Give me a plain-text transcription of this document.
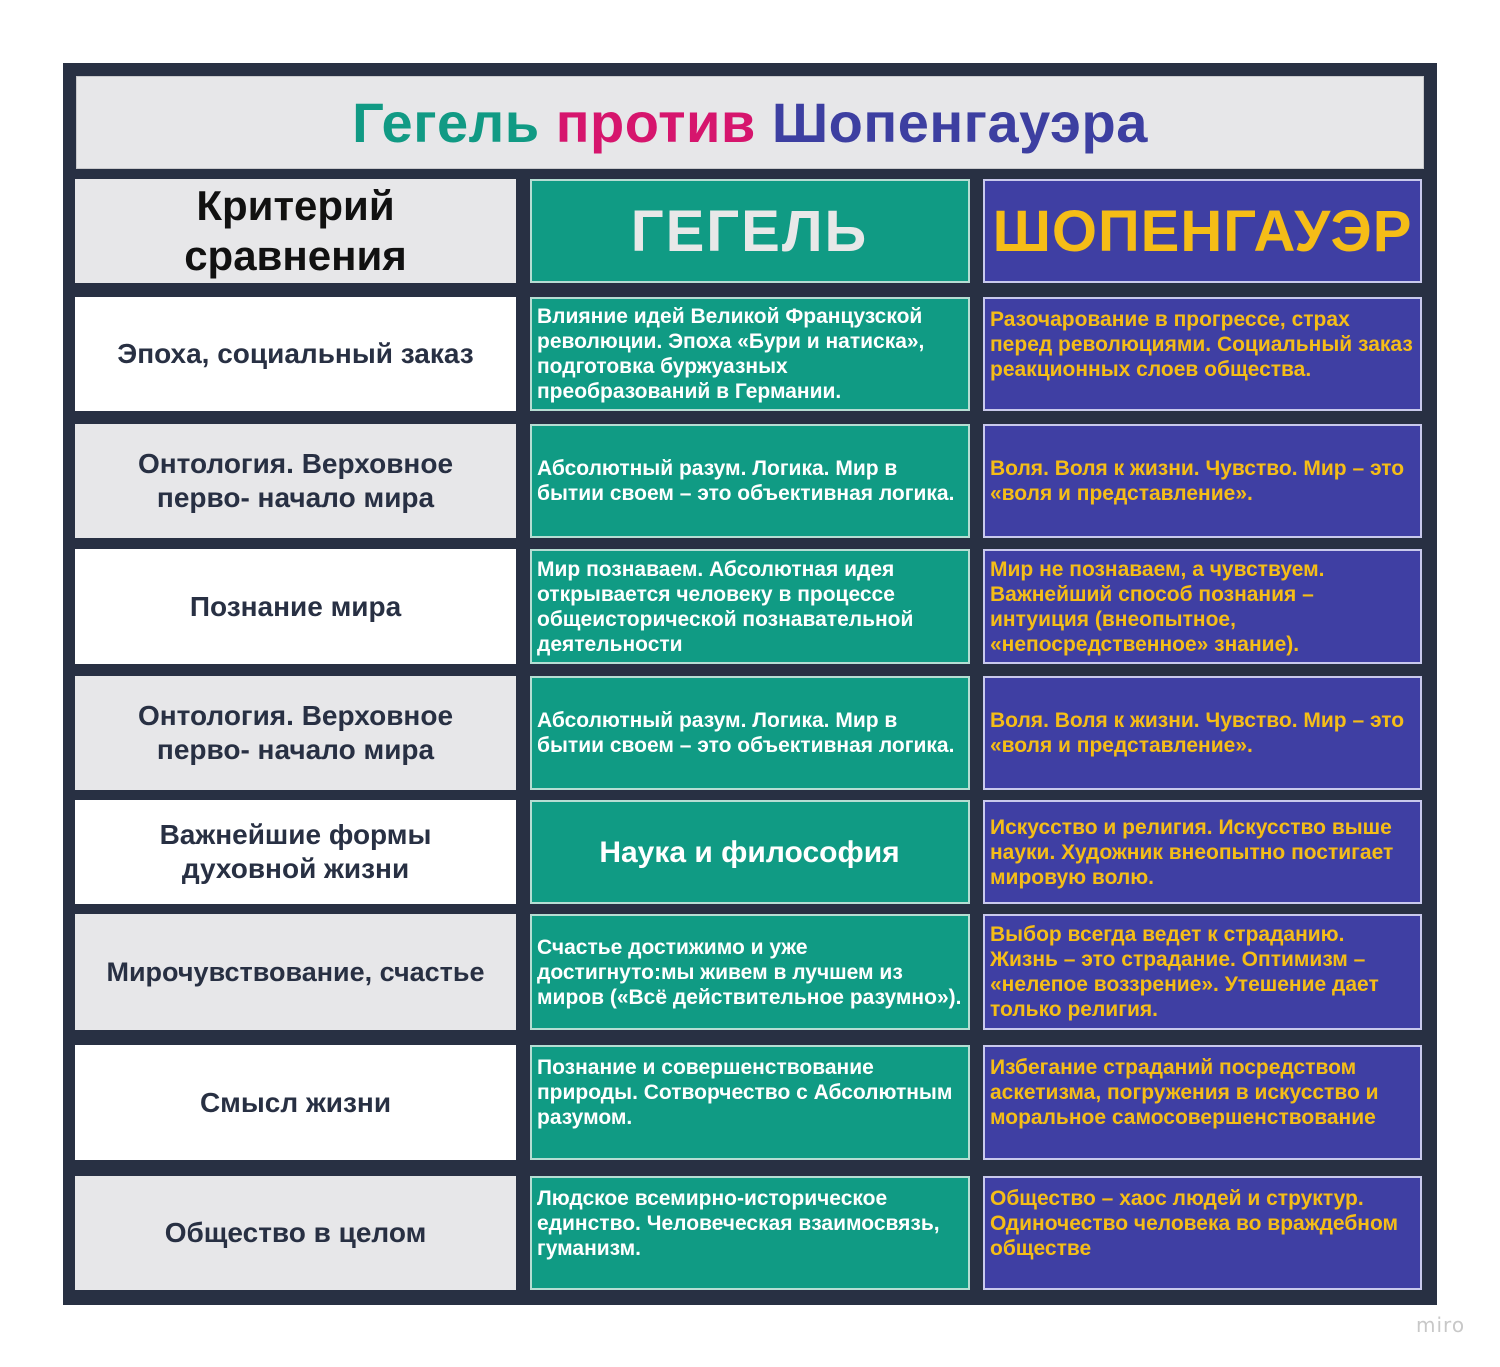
Гегель
против
Шопенгауэра
Критерий сравнения	ГЕГЕЛЬ ШОПЕНГАУЭР
Эпоха, социальный заказ
Влияние идей Великой Французской революции. Эпоха «Бури и натиска», подготовка буржуазных преобразований в Германии.
Разочарование в прогрессе, страх перед революциями. Социальный заказ реакционных слоев общества.
Онтология. Верховное перво- начало мира
Абсолютный разум. Логика. Мир в бытии своем – это объективная логика.
Воля. Воля к жизни. Чувство. Мир – это «воля и представление».
Познание мира
Мир познаваем. Абсолютная идея открывается человеку в процессе общеисторической познавательной деятельности
Мир не познаваем, а чувствуем. Важнейший способ познания – интуиция (внеопытное, «непосредственное» знание).
Онтология. Верховное перво- начало мира
Абсолютный разум. Логика. Мир в бытии своем – это объективная логика.
Воля. Воля к жизни. Чувство. Мир – это «воля и представление».
Важнейшие формы духовной жизни	Наука и философия
Искусство и религия. Искусство выше науки. Художник внеопытно постигает мировую волю.
Мирочувствование, счастье
Счастье достижимо и уже достигнуто:мы живем в лучшем из миров («Всё действительное разумно»).
Выбор всегда ведет к страданию. Жизнь – это страдание. Оптимизм – «нелепое воззрение». Утешение дает только религия.
Смысл жизни
Познание и совершенствование природы. Сотворчество с Абсолютным разумом.
Избегание страданий посредством аскетизма, погружения в искусство и моральное самосовершенствование
Общество в целом
Людское всемирно-историческое единство. Человеческая взаимосвязь, гуманизм.
Общество – хаос людей и структур. Одиночество человека во враждебном обществе
miro
